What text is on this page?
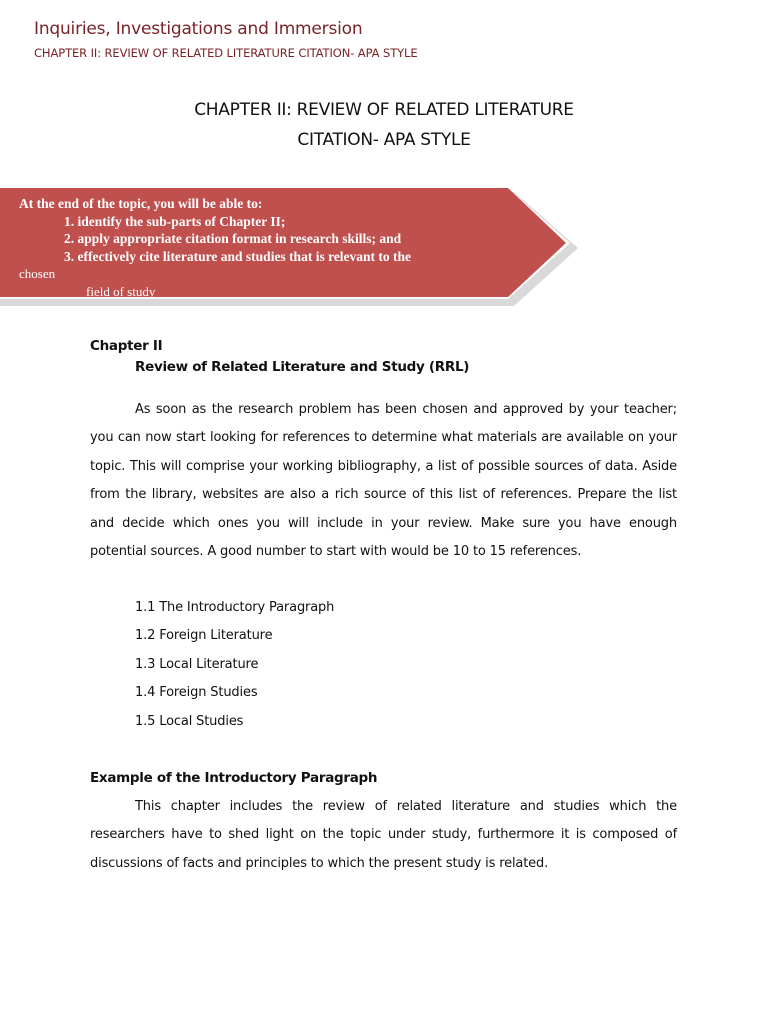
Inquiries, Investigations and Immersion
CHAPTER II: REVIEW OF RELATED LITERATURE CITATION- APA STYLE
CHAPTER II: REVIEW OF RELATED LITERATURE
CITATION- APA STYLE
At the end of the topic, you will be able to:
1. identify the sub-parts of Chapter II;
2. apply appropriate citation format in research skills; and
3. effectively cite literature and studies that is relevant to the
chosen
field of study
Chapter II
Review of Related Literature and Study (RRL)
As soon as the research problem has been chosen and approved by your teacher; you can now start looking for references to determine what materials are available on your topic. This will comprise your working bibliography, a list of possible sources of data. Aside from the library, websites are also a rich source of this list of references. Prepare the list and decide which ones you will include in your review. Make sure you have enough potential sources. A good number to start with would be 10 to 15 references.
1.1 The Introductory Paragraph
1.2 Foreign Literature
1.3 Local Literature
1.4 Foreign Studies
1.5 Local Studies
Example of the Introductory Paragraph
This chapter includes the review of related literature and studies which the researchers have to shed light on the topic under study, furthermore it is composed of discussions of facts and principles to which the present study is related.
